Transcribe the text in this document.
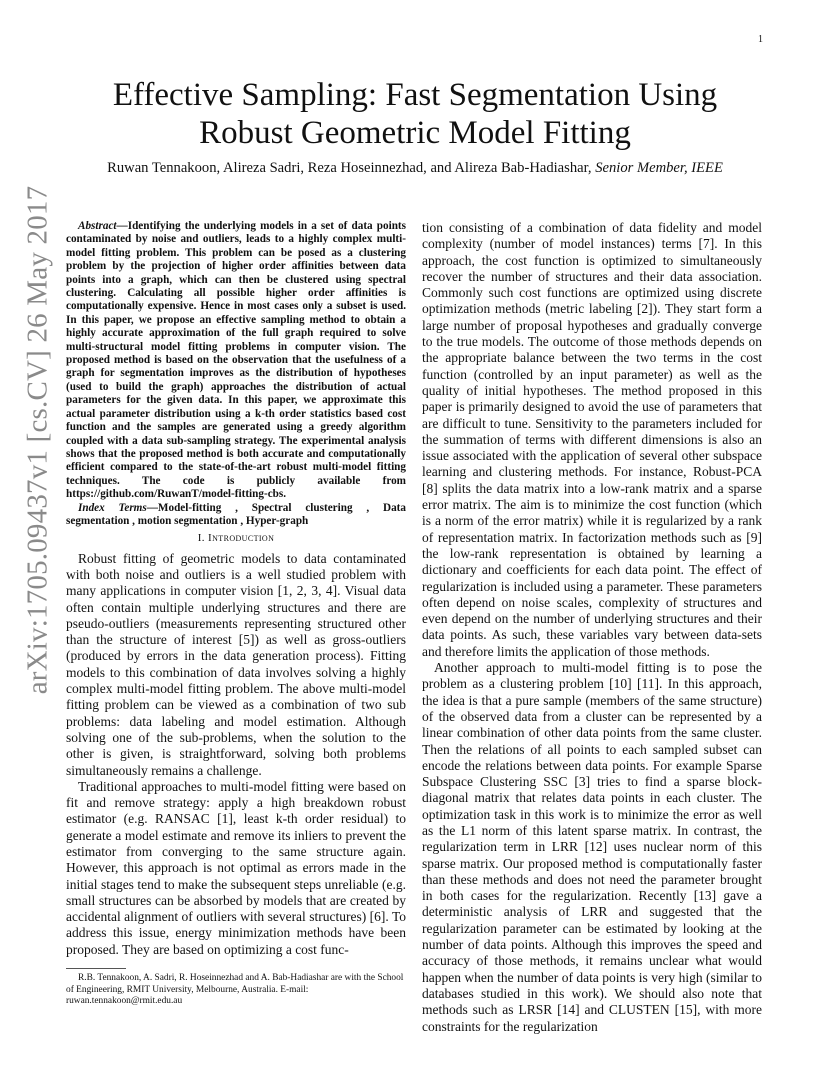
1
arXiv:1705.09437v1 [cs.CV] 26 May 2017
Effective Sampling: Fast Segmentation Using
Robust Geometric Model Fitting
Ruwan Tennakoon, Alireza Sadri, Reza Hoseinnezhad, and Alireza Bab-Hadiashar, Senior Member, IEEE

Abstract—Identifying the underlying models in a set of data points contaminated by noise and outliers, leads to a highly complex multi-model fitting problem. This problem can be posed as a clustering problem by the projection of higher order affinities between data points into a graph, which can then be clustered using spectral clustering. Calculating all possible higher order affinities is computationally expensive. Hence in most cases only a subset is used. In this paper, we propose an effective sampling method to obtain a highly accurate approximation of the full graph required to solve multi-structural model fitting problems in computer vision. The proposed method is based on the observation that the usefulness of a graph for segmentation improves as the distribution of hypotheses (used to build the graph) approaches the distribution of actual parameters for the given data. In this paper, we approximate this actual parameter distribution using a k-th order statistics based cost function and the samples are generated using a greedy algorithm coupled with a data sub-sampling strategy. The experimental analysis shows that the proposed method is both accurate and computationally efficient compared to the state-of-the-art robust multi-model fitting techniques. The code is publicly available from https://github.com/RuwanT/model-fitting-cbs.

Index Terms—Model-fitting , Spectral clustering , Data segmentation , motion segmentation , Hyper-graph

I. Introduction

Robust fitting of geometric models to data contaminated with both noise and outliers is a well studied problem with many applications in computer vision [1, 2, 3, 4]. Visual data often contain multiple underlying structures and there are pseudo-outliers (measurements representing structured other than the structure of interest [5]) as well as gross-outliers (produced by errors in the data generation process). Fitting models to this combination of data involves solving a highly complex multi-model fitting problem. The above multi-model fitting problem can be viewed as a combination of two sub problems: data labeling and model estimation. Although solving one of the sub-problems, when the solution to the other is given, is straightforward, solving both problems simultaneously remains a challenge.

Traditional approaches to multi-model fitting were based on fit and remove strategy: apply a high breakdown robust estimator (e.g. RANSAC [1], least k-th order residual) to generate a model estimate and remove its inliers to prevent the estimator from converging to the same structure again. However, this approach is not optimal as errors made in the initial stages tend to make the subsequent steps unreliable (e.g. small structures can be absorbed by models that are created by accidental alignment of outliers with several structures) [6]. To address this issue, energy minimization methods have been proposed. They are based on optimizing a cost func-

R.B. Tennakoon, A. Sadri, R. Hoseinnezhad and A. Bab-Hadiashar are with the School of Engineering, RMIT University, Melbourne, Australia. E-mail: ruwan.tennakoon@rmit.edu.au

tion consisting of a combination of data fidelity and model complexity (number of model instances) terms [7]. In this approach, the cost function is optimized to simultaneously recover the number of structures and their data association. Commonly such cost functions are optimized using discrete optimization methods (metric labeling [2]). They start form a large number of proposal hypotheses and gradually converge to the true models. The outcome of those methods depends on the appropriate balance between the two terms in the cost function (controlled by an input parameter) as well as the quality of initial hypotheses. The method proposed in this paper is primarily designed to avoid the use of parameters that are difficult to tune. Sensitivity to the parameters included for the summation of terms with different dimensions is also an issue associated with the application of several other subspace learning and clustering methods. For instance, Robust-PCA [8] splits the data matrix into a low-rank matrix and a sparse error matrix. The aim is to minimize the cost function (which is a norm of the error matrix) while it is regularized by a rank of representation matrix. In factorization methods such as [9] the low-rank representation is obtained by learning a dictionary and coefficients for each data point. The effect of regularization is included using a parameter. These parameters often depend on noise scales, complexity of structures and even depend on the number of underlying structures and their data points. As such, these variables vary between data-sets and therefore limits the application of those methods.

Another approach to multi-model fitting is to pose the problem as a clustering problem [10] [11]. In this approach, the idea is that a pure sample (members of the same structure) of the observed data from a cluster can be represented by a linear combination of other data points from the same cluster. Then the relations of all points to each sampled subset can encode the relations between data points. For example Sparse Subspace Clustering SSC [3] tries to find a sparse block-diagonal matrix that relates data points in each cluster. The optimization task in this work is to minimize the error as well as the L1 norm of this latent sparse matrix. In contrast, the regularization term in LRR [12] uses nuclear norm of this sparse matrix. Our proposed method is computationally faster than these methods and does not need the parameter brought in both cases for the regularization. Recently [13] gave a deterministic analysis of LRR and suggested that the regularization parameter can be estimated by looking at the number of data points. Although this improves the speed and accuracy of those methods, it remains unclear what would happen when the number of data points is very high (similar to databases studied in this work). We should also note that methods such as LRSR [14] and CLUSTEN [15], with more constraints for the regularization
